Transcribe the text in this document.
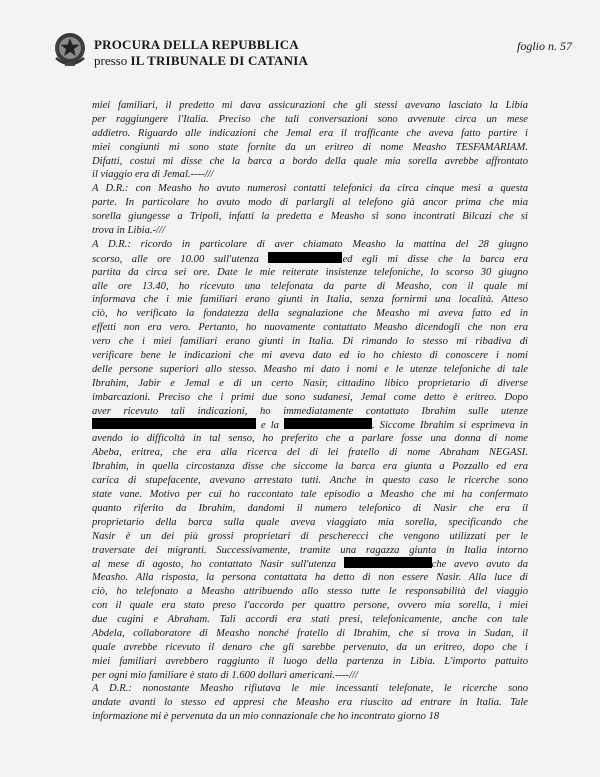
PROCURA DELLA REPUBBLICA
presso IL TRIBUNALE DI CATANIA
foglio n. 57
miei familiari, il predetto mi dava assicurazioni che gli stessi avevano lasciato la Libia
per raggiungere l'Italia. Preciso che tali conversazioni sono avvenute circa un mese
addietro. Riguardo alle indicazioni che Jemal era il trafficante che aveva fatto partire i
miei congiunti mi sono state fornite da un eritreo di nome Measho TESFAMARIAM.
Difatti, costui mi disse che la barca a bordo della quale mia sorella avrebbe affrontato
il viaggio era di Jemal.----///
A D.R.: con Measho ho avuto numerosi contatti telefonici da circa cinque mesi a questa
parte. In particolare ho avuto modo di parlargli al telefono già ancor prima che mia
sorella giungesse a Tripoli, infatti la predetta e Measho si sono incontrati Bilcazi che si
trova in Libia.-///
A D.R.: ricordo in particolare di aver chiamato Measho la mattina del 28 giugno
scorso, alle ore 10.00 sull'utenza	ed egli mi disse che la barca era
partita da circa sei ore. Date le mie reiterate insistenze telefoniche, lo scorso 30 giugno
alle ore 13.40, ho ricevuto una telefonata da parte di Measho, con il quale mi
informava che i mie familiari erano giunti in Italia, senza fornirmi una località. Atteso
ciò, ho verificato la fondatezza della segnalazione che Measho mi aveva fatto ed in
effetti non era vero. Pertanto, ho nuovamente contattato Measho dicendogli che non era
vero che i miei familiari erano giunti in Italia. Di rimando lo stesso mi ribadiva di
verificare bene le indicazioni che mi aveva dato ed io ho chiesto di conoscere i nomi
delle persone superiori allo stesso. Measho mi dato i nomi e le utenze telefoniche di tale
Ibrahim, Jabir e Jemal e di un certo Nasir, cittadino libico proprietario di diverse
imbarcazioni. Preciso che i primi due sono sudanesi, Jemal come detto è eritreo. Dopo
aver ricevuto tali indicazioni, ho immediatamente contattato Ibrahim sulle utenze
e la	. Siccome Ibrahim si esprimeva in
avendo io difficoltà in tal senso, ho preferito che a parlare fosse una donna di nome
Abeba, eritrea, che era alla ricerca del di lei fratello di nome Abraham NEGASI.
Ibrahim, in quella circostanza disse che siccome la barca era giunta a Pozzallo ed era
carica di stupefacente, avevano arrestato tutti. Anche in questo caso le ricerche sono
state vane. Motivo per cui ho raccontato tale episodio a Measho che mi ha confermato
quanto riferito da Ibrahim, dandomi il numero telefonico di Nasir che era il
proprietario della barca sulla quale aveva viaggiato mia sorella, specificando che
Nasir è un dei più grossi proprietari di pescherecci che vengono utilizzati per le
traversate dei migranti. Successivamente, tramite una ragazza giunta in Italia intorno
al mese di agosto, ho contattato Nasir sull'utenza	che avevo avuto da
Measho. Alla risposta, la persona contattata ha detto di non essere Nasir. Alla luce di
ciò, ho telefonato a Measho attribuendo allo stesso tutte le responsabilità del viaggio
con il quale era stato preso l'accordo per quattro persone, ovvero mia sorella, i miei
due cugini e Abraham. Tali accordi era stati presi, telefonicamente, anche con tale
Abdela, collaboratore di Measho nonché fratello di Ibrahim, che si trova in Sudan, il
quale avrebbe ricevuto il denaro che gli sarebbe pervenuto, da un eritreo, dopo che i
miei familiari avrebbero raggiunto il luogo della partenza in Libia. L'importo pattuito
per ogni mio familiare è stato di 1.600 dollari americani.----///
A D.R.: nonostante Measho rifiutava le mie incessanti telefonate, le ricerche sono
andate avanti lo stesso ed appresi che Measho era riuscito ad entrare in Italia. Tale
informazione mi è pervenuta da un mio connazionale che ho incontrato giorno 18
